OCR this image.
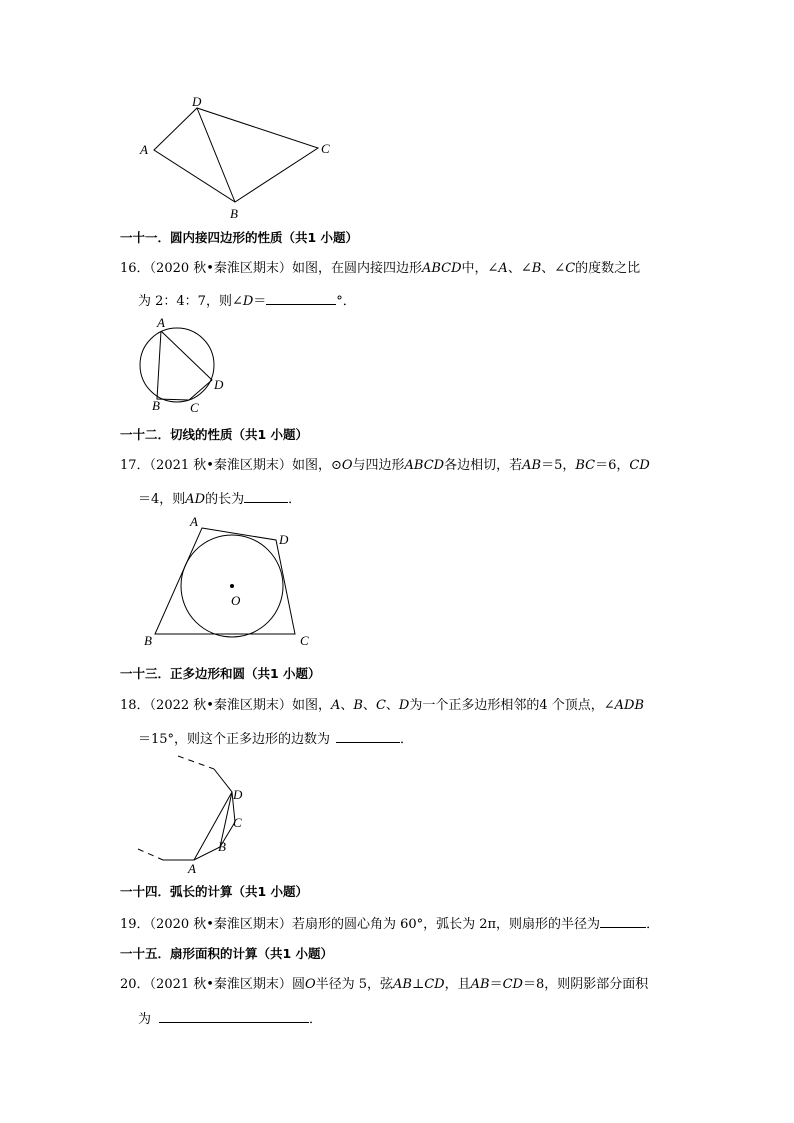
D
A	C
B
一十一．圆内接四边形的性质（共1 小题）
16．（2020 秋•秦淮区期末）如图，在圆内接四边形ABCD中，∠A、∠B、∠C的度数之比
为 2：4：7，则∠D＝	°．
A
D
B C
一十二．切线的性质（共1 小题）
17．（2021 秋•秦淮区期末）如图，⊙O与四边形ABCD各边相切，若AB＝5，BC＝6，CD
＝4，则AD的长为	．
A
D
O
B	C
一十三．正多边形和圆（共1 小题）
18．（2022 秋•秦淮区期末）如图，A、B、C、D为一个正多边形相邻的4 个顶点，∠ADB
＝15°，则这个正多边形的边数为	．
D
C
B
A
一十四．弧长的计算（共1 小题）
19．（2020 秋•秦淮区期末）若扇形的圆心角为 60°，弧长为 2π，则扇形的半径为	．
一十五．扇形面积的计算（共1 小题）
20．（2021 秋•秦淮区期末）圆O半径为 5，弦AB⊥CD，且AB＝CD＝8，则阴影部分面积
为	．
